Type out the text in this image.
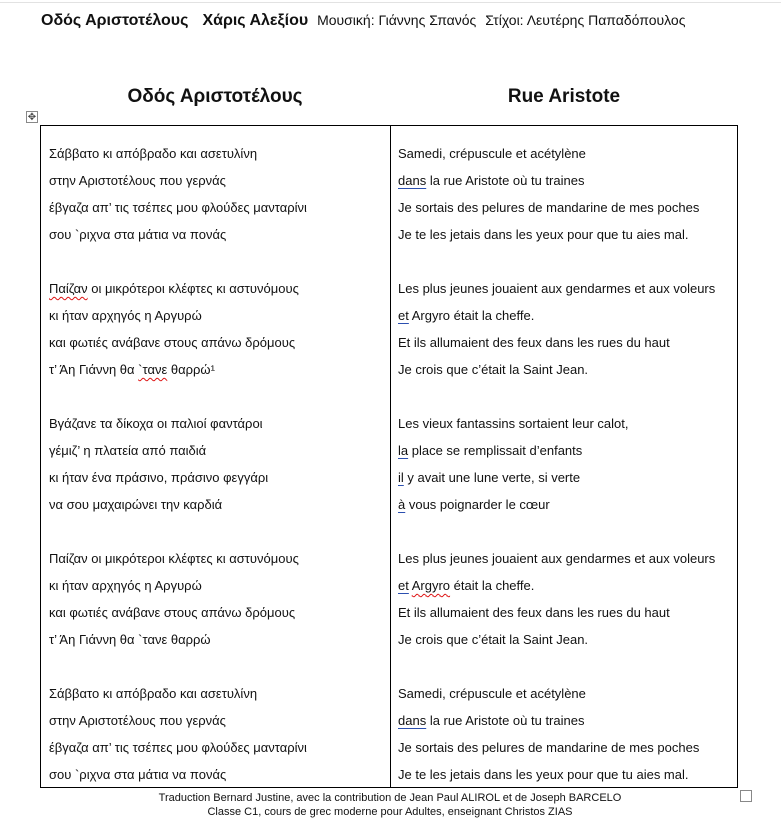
Οδός Αριστοτέλους Χάρις Αλεξίου Μουσική: Γιάννης Σπανός Στίχοι: Λευτέρης Παπαδόπουλος
Οδός Αριστοτέλους	Rue Aristote
✥
Σάββατο κι απόβραδο και ασετυλίνη
στην Αριστοτέλους που γερνάς
έβγαζα απ’ τις τσέπες μου φλούδες μανταρίνι
σου `ριχνα στα μάτια να πονάς
Παίζαν οι μικρότεροι κλέφτες κι αστυνόμους
κι ήταν αρχηγός η Αργυρώ
και φωτιές ανάβανε στους απάνω δρόμους
τ’ Άη Γιάννη θα `τανε θαρρώ¹
Βγάζανε τα δίκοχα οι παλιοί φαντάροι
γέμιζ’ η πλατεία από παιδιά
κι ήταν ένα πράσινο, πράσινο φεγγάρι
να σου μαχαιρώνει την καρδιά
Παίζαν οι μικρότεροι κλέφτες κι αστυνόμους
κι ήταν αρχηγός η Αργυρώ
και φωτιές ανάβανε στους απάνω δρόμους
τ’ Άη Γιάννη θα `τανε θαρρώ
Σάββατο κι απόβραδο και ασετυλίνη
στην Αριστοτέλους που γερνάς
έβγαζα απ’ τις τσέπες μου φλούδες μανταρίνι
σου `ριχνα στα μάτια να πονάς
Samedi, crépuscule et acétylène
dans la rue Aristote où tu traines
Je sortais des pelures de mandarine de mes poches
Je te les jetais dans les yeux pour que tu aies mal.
Les plus jeunes jouaient aux gendarmes et aux voleurs
et Argyro était la cheffe.
Et ils allumaient des feux dans les rues du haut
Je crois que c’était la Saint Jean.
Les vieux fantassins sortaient leur calot,
la place se remplissait d’enfants
il y avait une lune verte, si verte
à vous poignarder le cœur
Les plus jeunes jouaient aux gendarmes et aux voleurs
et Argyro était la cheffe.
Et ils allumaient des feux dans les rues du haut
Je crois que c’était la Saint Jean.
Samedi, crépuscule et acétylène
dans la rue Aristote où tu traines
Je sortais des pelures de mandarine de mes poches
Je te les jetais dans les yeux pour que tu aies mal.
Traduction Bernard Justine, avec la contribution de Jean Paul ALIROL et de Joseph BARCELO
Classe C1, cours de grec moderne pour Adultes, enseignant Christos ZIAS
